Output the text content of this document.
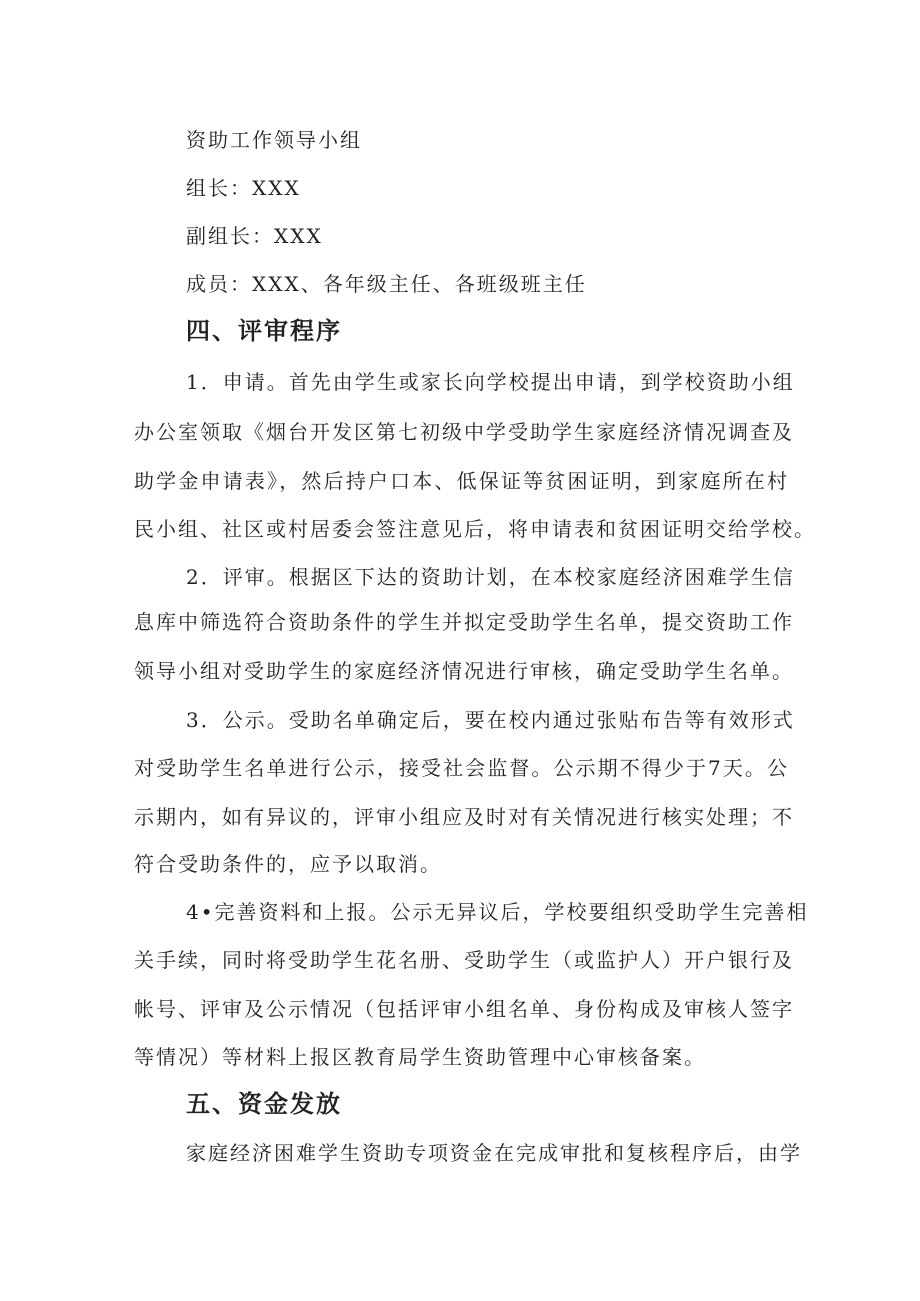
资助工作领导小组

组长：XXX

副组长：XXX

成员：XXX、各年级主任、各班级班主任

四、评审程序

1．申请。首先由学生或家长向学校提出申请，到学校资助小组

办公室领取《烟台开发区第七初级中学受助学生家庭经济情况调查及

助学金申请表》，然后持户口本、低保证等贫困证明，到家庭所在村

民小组、社区或村居委会签注意见后，将申请表和贫困证明交给学校。

2．评审。根据区下达的资助计划，在本校家庭经济困难学生信

息库中筛选符合资助条件的学生并拟定受助学生名单，提交资助工作

领导小组对受助学生的家庭经济情况进行审核，确定受助学生名单。

3．公示。受助名单确定后，要在校内通过张贴布告等有效形式

对受助学生名单进行公示，接受社会监督。公示期不得少于7天。公

示期内，如有异议的，评审小组应及时对有关情况进行核实处理；不

符合受助条件的，应予以取消。

4•完善资料和上报。公示无异议后，学校要组织受助学生完善相

关手续，同时将受助学生花名册、受助学生（或监护人）开户银行及

帐号、评审及公示情况（包括评审小组名单、身份构成及审核人签字

等情况）等材料上报区教育局学生资助管理中心审核备案。

五、资金发放

家庭经济困难学生资助专项资金在完成审批和复核程序后，由学
